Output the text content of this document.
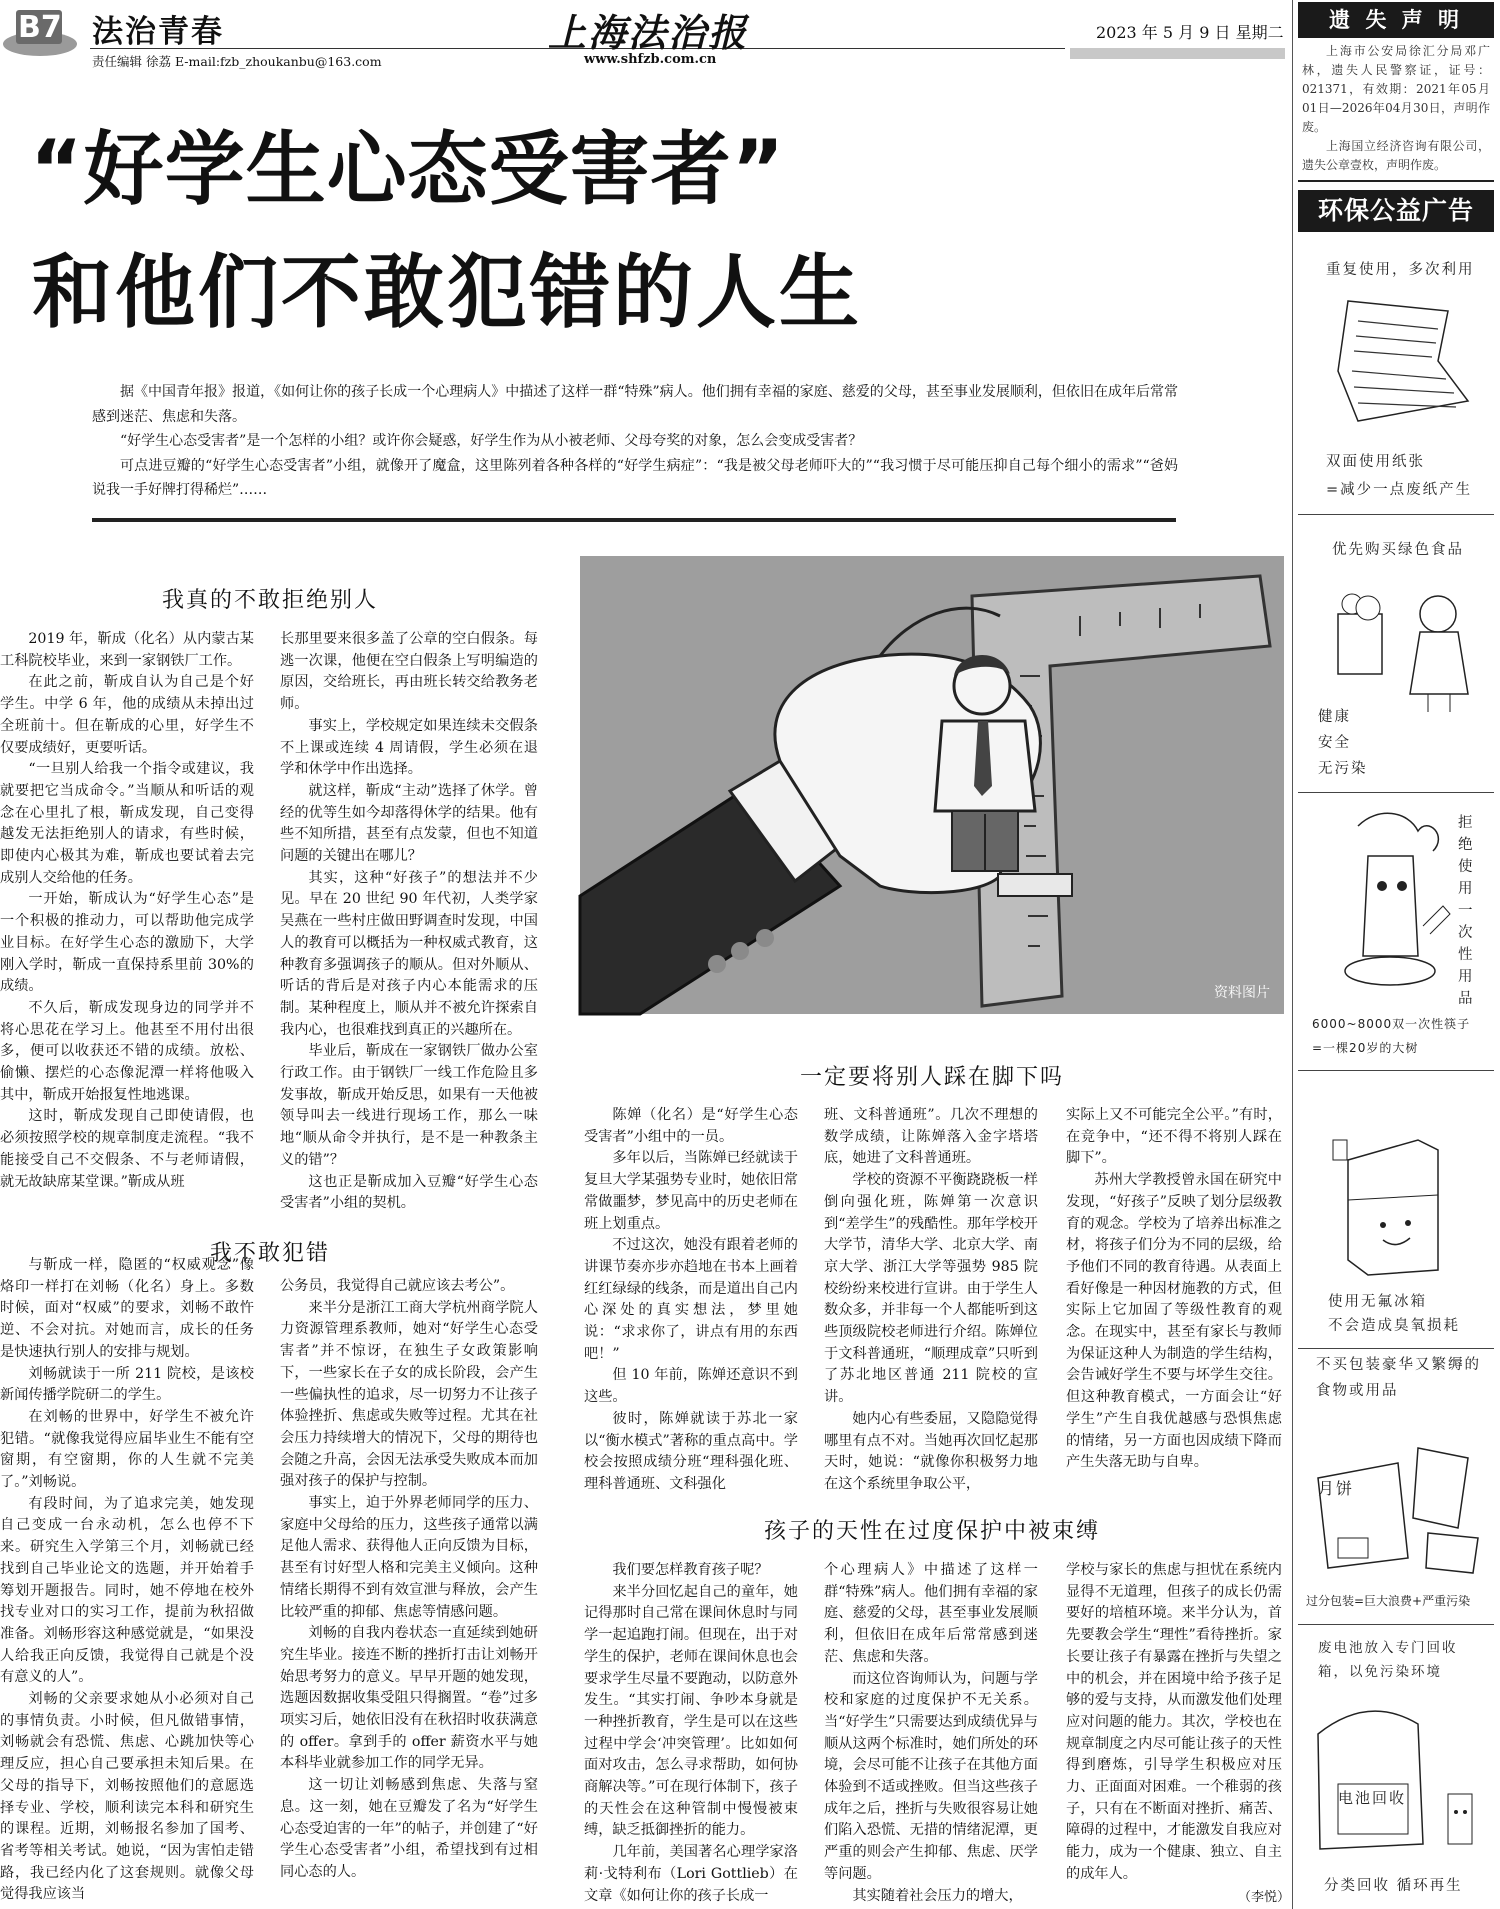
B7 法治青春
责任编辑 徐荔 E-mail:fzb_zhoukanbu@163.com
上海法治报
www.shfzb.com.cn
2023 年 5 月 9 日 星期二
“好学生心态受害者”
和他们不敢犯错的人生

据《中国青年报》报道，《如何让你的孩子长成一个心理病人》中描述了这样一群“特殊”病人。他们拥有幸福的家庭、慈爱的父母，甚至事业发展顺利，但依旧在成年后常常感到迷茫、焦虑和失落。

“好学生心态受害者”是一个怎样的小组？或许你会疑惑，好学生作为从小被老师、父母夸奖的对象，怎么会变成受害者？

可点进豆瓣的“好学生心态受害者”小组，就像开了魔盒，这里陈列着各种各样的“好学生病症”：“我是被父母老师吓大的”“我习惯于尽可能压抑自己每个细小的需求”“爸妈说我一手好牌打得稀烂”……

我真的不敢拒绝别人

2019 年，靳成（化名）从内蒙古某工科院校毕业，来到一家钢铁厂工作。

在此之前，靳成自认为自己是个好学生。中学 6 年，他的成绩从未掉出过全班前十。但在靳成的心里，好学生不仅要成绩好，更要听话。

“一旦别人给我一个指令或建议，我就要把它当成命令。”当顺从和听话的观念在心里扎了根，靳成发现，自己变得越发无法拒绝别人的请求，有些时候，即使内心极其为难，靳成也要试着去完成别人交给他的任务。

一开始，靳成认为“好学生心态”是一个积极的推动力，可以帮助他完成学业目标。在好学生心态的激励下，大学刚入学时，靳成一直保持系里前 30%的成绩。

不久后，靳成发现身边的同学并不将心思花在学习上。他甚至不用付出很多，便可以收获还不错的成绩。放松、偷懒、摆烂的心态像泥潭一样将他吸入其中，靳成开始报复性地逃课。

这时，靳成发现自己即使请假，也必须按照学校的规章制度走流程。“我不能接受自己不交假条、不与老师请假，就无故缺席某堂课。”靳成从班

长那里要来很多盖了公章的空白假条。每逃一次课，他便在空白假条上写明编造的原因，交给班长，再由班长转交给教务老师。

事实上，学校规定如果连续未交假条不上课或连续 4 周请假，学生必须在退学和休学中作出选择。

就这样，靳成“主动”选择了休学。曾经的优等生如今却落得休学的结果。他有些不知所措，甚至有点发蒙，但也不知道问题的关键出在哪儿？

其实，这种“好孩子”的想法并不少见。早在 20 世纪 90 年代初，人类学家吴燕在一些村庄做田野调查时发现，中国人的教育可以概括为一种权威式教育，这种教育多强调孩子的顺从。但对外顺从、听话的背后是对孩子内心本能需求的压制。某种程度上，顺从并不被允许探索自我内心，也很难找到真正的兴趣所在。

毕业后，靳成在一家钢铁厂做办公室行政工作。由于钢铁厂一线工作危险且多发事故，靳成开始反思，如果有一天他被领导叫去一线进行现场工作，那么一味地“顺从命令并执行，是不是一种教条主义的错”？

这也正是靳成加入豆瓣“好学生心态受害者”小组的契机。

资料图片
一定要将别人踩在脚下吗

陈婵（化名）是“好学生心态受害者”小组中的一员。

多年以后，当陈婵已经就读于复旦大学某强势专业时，她依旧常常做噩梦，梦见高中的历史老师在班上划重点。

不过这次，她没有跟着老师的讲课节奏亦步亦趋地在书本上画着红红绿绿的线条，而是道出自己内心深处的真实想法，梦里她说：“求求你了，讲点有用的东西吧！”

但 10 年前，陈婵还意识不到这些。

彼时，陈婵就读于苏北一家以“衡水模式”著称的重点高中。学校会按照成绩分班“理科强化班、理科普通班、文科强化

班、文科普通班”。几次不理想的数学成绩，让陈婵落入金字塔塔底，她进了文科普通班。

学校的资源不平衡跷跷板一样倒向强化班，陈婵第一次意识到“差学生”的残酷性。那年学校开大学节，清华大学、北京大学、南京大学、浙江大学等强势 985 院校纷纷来校进行宣讲。由于学生人数众多，并非每一个人都能听到这些顶级院校老师进行介绍。陈婵位于文科普通班，“顺理成章”只听到了苏北地区普通 211 院校的宣讲。

她内心有些委屈，又隐隐觉得哪里有点不对。当她再次回忆起那天时，她说：“就像你积极努力地在这个系统里争取公平，

实际上又不可能完全公平。”有时，在竞争中，“还不得不将别人踩在脚下”。

苏州大学教授曾永国在研究中发现，“好孩子”反映了划分层级教育的观念。学校为了培养出标准之材，将孩子们分为不同的层级，给予他们不同的教育待遇。从表面上看好像是一种因材施教的方式，但实际上它加固了等级性教育的观念。在现实中，甚至有家长与教师为保证这种人为制造的学生结构，会告诫好学生不要与坏学生交往。但这种教育模式，一方面会让“好学生”产生自我优越感与恐惧焦虑的情绪，另一方面也因成绩下降而产生失落无助与自卑。

我不敢犯错

与靳成一样，隐匿的“权威观念”像烙印一样打在刘畅（化名）身上。多数时候，面对“权威”的要求，刘畅不敢忤逆、不会对抗。对她而言，成长的任务是快速执行别人的安排与规划。

刘畅就读于一所 211 院校，是该校新闻传播学院研二的学生。

在刘畅的世界中，好学生不被允许犯错。“就像我觉得应届毕业生不能有空窗期，有空窗期，你的人生就不完美了。”刘畅说。

有段时间，为了追求完美，她发现自己变成一台永动机，怎么也停不下来。研究生入学第三个月，刘畅就已经找到自己毕业论文的选题，并开始着手筹划开题报告。同时，她不停地在校外找专业对口的实习工作，提前为秋招做准备。刘畅形容这种感觉就是，“如果没人给我正向反馈，我觉得自己就是个没有意义的人”。

刘畅的父亲要求她从小必须对自己的事情负责。小时候，但凡做错事情，刘畅就会有恐慌、焦虑、心跳加快等心理反应，担心自己要承担未知后果。在父母的指导下，刘畅按照他们的意愿选择专业、学校，顺利读完本科和研究生的课程。近期，刘畅报名参加了国考、省考等相关考试。她说，“因为害怕走错路，我已经内化了这套规则。就像父母觉得我应该当

公务员，我觉得自己就应该去考公”。

来半分是浙江工商大学杭州商学院人力资源管理系教师，她对“好学生心态受害者”并不惊讶，在独生子女政策影响下，一些家长在子女的成长阶段，会产生一些偏执性的追求，尽一切努力不让孩子体验挫折、焦虑或失败等过程。尤其在社会压力持续增大的情况下，父母的期待也会随之升高，会因无法承受失败成本而加强对孩子的保护与控制。

事实上，迫于外界老师同学的压力、家庭中父母给的压力，这些孩子通常以满足他人需求、获得他人正向反馈为目标，甚至有讨好型人格和完美主义倾向。这种情绪长期得不到有效宣泄与释放，会产生比较严重的抑郁、焦虑等情感问题。

刘畅的自我内卷状态一直延续到她研究生毕业。接连不断的挫折打击让刘畅开始思考努力的意义。早早开题的她发现，选题因数据收集受阻只得搁置。“卷”过多项实习后，她依旧没有在秋招时收获满意的 offer。拿到手的 offer 薪资水平与她本科毕业就参加工作的同学无异。

这一切让刘畅感到焦虑、失落与窒息。这一刻，她在豆瓣发了名为“好学生心态受迫害的一年”的帖子，并创建了“好学生心态受害者”小组，希望找到有过相同心态的人。

孩子的天性在过度保护中被束缚

我们要怎样教育孩子呢？

来半分回忆起自己的童年，她记得那时自己常在课间休息时与同学一起追跑打闹。但现在，出于对学生的保护，老师在课间休息也会要求学生尽量不要跑动，以防意外发生。“其实打闹、争吵本身就是一种挫折教育，学生是可以在这些过程中学会‘冲突管理’。比如如何面对攻击，怎么寻求帮助，如何协商解决等。”可在现行体制下，孩子的天性会在这种管制中慢慢被束缚，缺乏抵御挫折的能力。

几年前，美国著名心理学家洛莉·戈特利布（Lori Gottlieb）在文章《如何让你的孩子长成一

个心理病人》中描述了这样一群“特殊”病人。他们拥有幸福的家庭、慈爱的父母，甚至事业发展顺利，但依旧在成年后常常感到迷茫、焦虑和失落。

而这位咨询师认为，问题与学校和家庭的过度保护不无关系。当“好学生”只需要达到成绩优异与顺从这两个标准时，她们所处的环境，会尽可能不让孩子在其他方面体验到不适或挫败。但当这些孩子成年之后，挫折与失败很容易让她们陷入恐慌、无措的情绪泥潭，更严重的则会产生抑郁、焦虑、厌学等问题。

其实随着社会压力的增大，

学校与家长的焦虑与担忧在系统内显得不无道理，但孩子的成长仍需要好的培植环境。来半分认为，首先要教会学生“理性”看待挫折。家长要让孩子有暴露在挫折与失望之中的机会，并在困境中给予孩子足够的爱与支持，从而激发他们处理应对问题的能力。其次，学校也在规章制度之内尽可能让孩子的天性得到磨炼，引导学生积极应对压力、正面面对困难。一个稚弱的孩子，只有在不断面对挫折、痛苦、障碍的过程中，才能激发自我应对能力，成为一个健康、独立、自主的成年人。

（李悦）
遗 失 声 明

上海市公安局徐汇分局邓广林，遗失人民警察证，证号：021371，有效期：2021年05月01日—2026年04月30日，声明作废。

上海国立经济咨询有限公司，遗失公章壹枚，声明作废。

环保公益广告
重复使用，多次利用
双面使用纸张
=减少一点废纸产生
优先购买绿色食品
健康
安全
无污染
拒绝使用一次性用品
6000~8000双一次性筷子
=一棵20岁的大树
使用无氟冰箱
不会造成臭氧损耗
不买包装豪华又繁缛的食物或用品
月饼
过分包装=巨大浪费+严重污染
废电池放入专门回收箱，以免污染环境
电池回收
分类回收 循环再生
